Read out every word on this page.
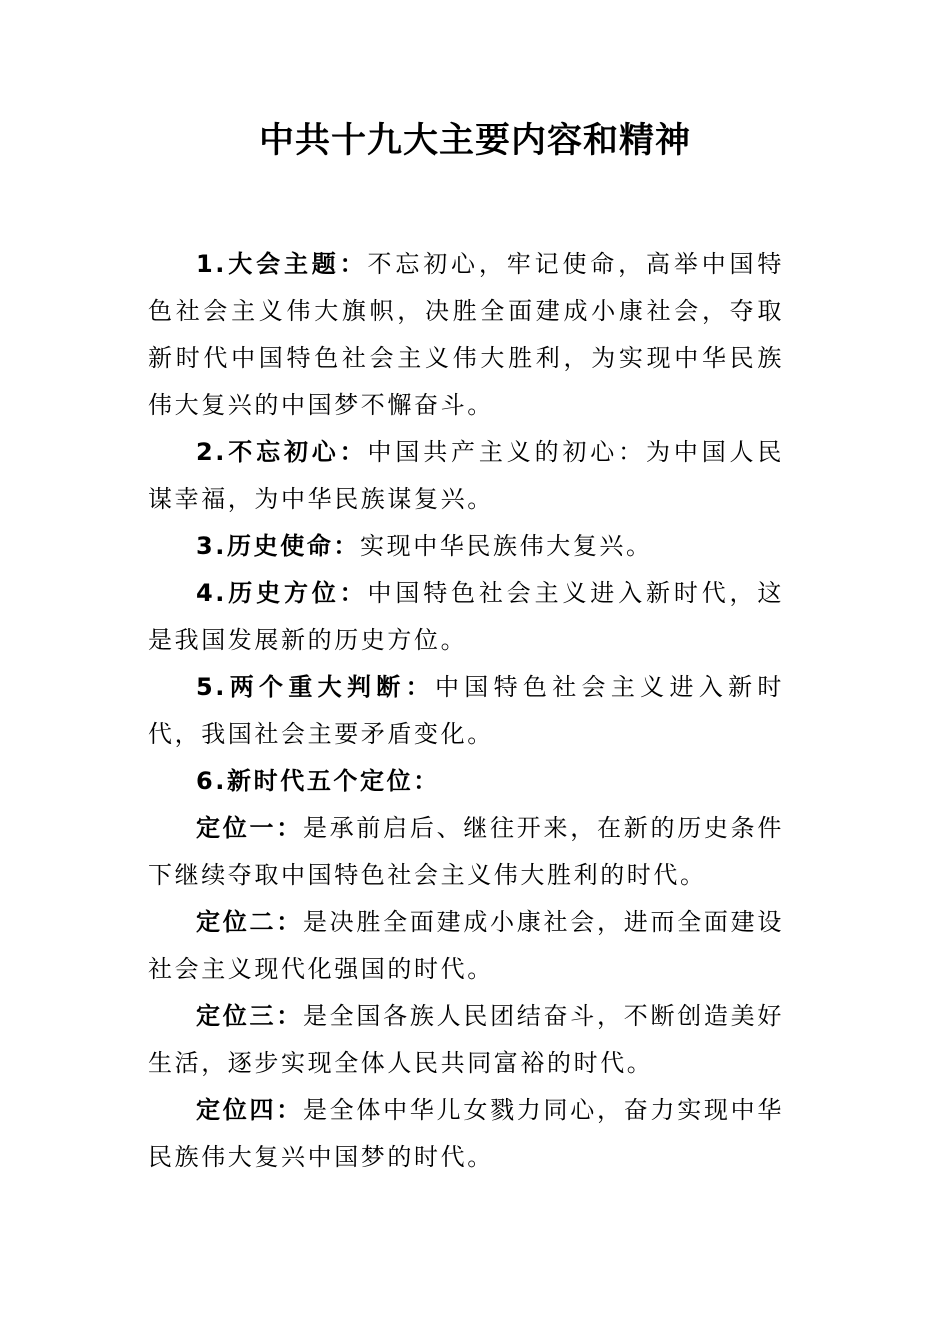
中共十九大主要内容和精神

1.大会主题：不忘初心，牢记使命，高举中国特色社会主义伟大旗帜，决胜全面建成小康社会，夺取新时代中国特色社会主义伟大胜利，为实现中华民族伟大复兴的中国梦不懈奋斗。

2.不忘初心：中国共产主义的初心：为中国人民谋幸福，为中华民族谋复兴。

3.历史使命：实现中华民族伟大复兴。

4.历史方位：中国特色社会主义进入新时代，这是我国发展新的历史方位。

5.两个重大判断：中国特色社会主义进入新时代，我国社会主要矛盾变化。

6.新时代五个定位：

定位一：是承前启后、继往开来，在新的历史条件下继续夺取中国特色社会主义伟大胜利的时代。

定位二：是决胜全面建成小康社会，进而全面建设社会主义现代化强国的时代。

定位三：是全国各族人民团结奋斗，不断创造美好生活，逐步实现全体人民共同富裕的时代。

定位四：是全体中华儿女戮力同心，奋力实现中华民族伟大复兴中国梦的时代。
